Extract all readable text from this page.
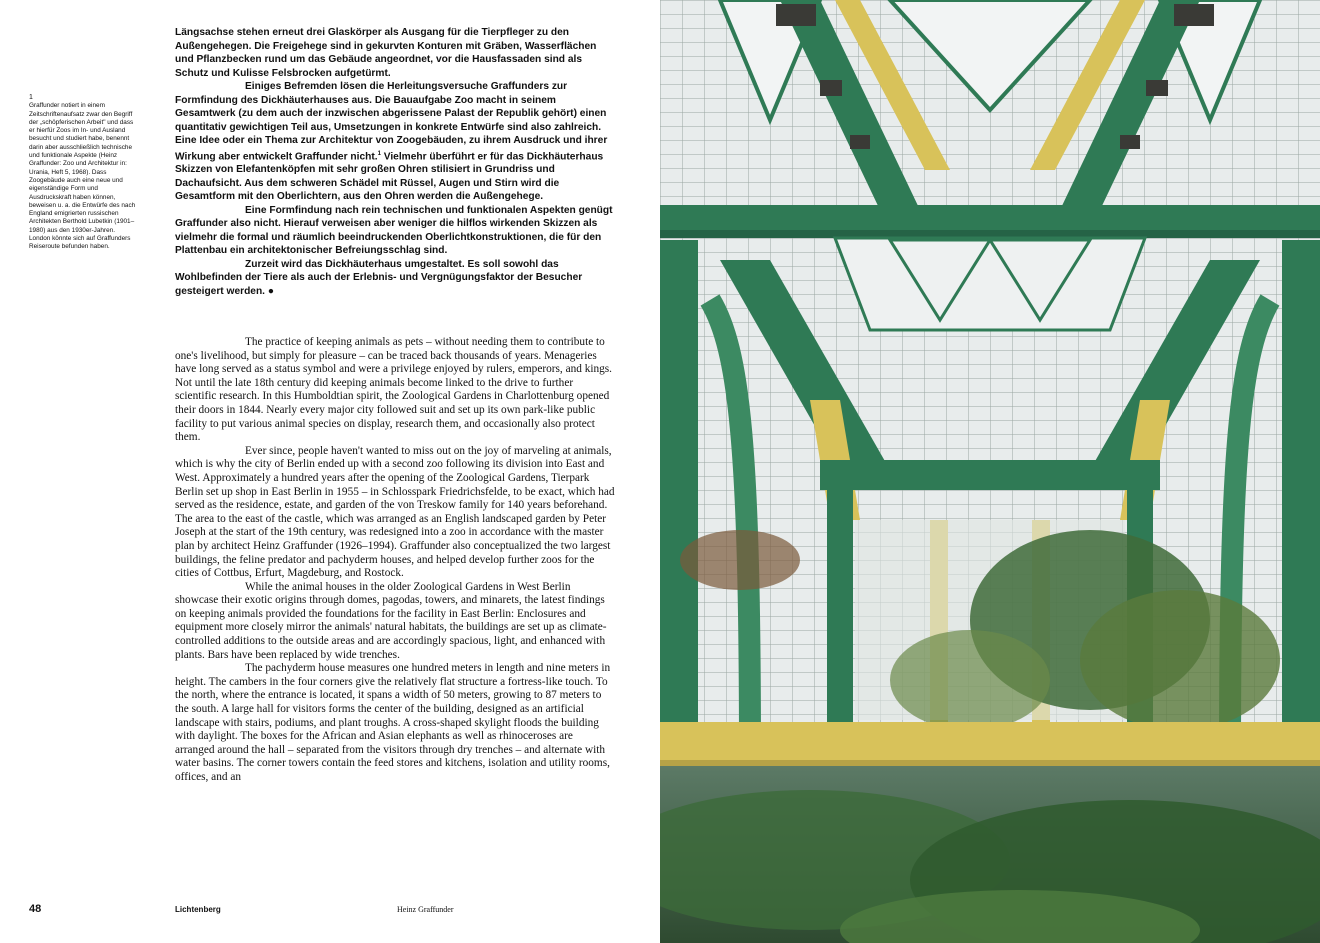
1
Graffunder notiert in einem Zeitschriftenaufsatz zwar den Begriff der „schöpferischen Arbeit" und dass er hierfür Zoos im In- und Ausland besucht und studiert habe, benennt darin aber ausschließlich technische und funktionale Aspekte (Heinz Graffunder: Zoo und Architektur in: Urania, Heft 5, 1968). Dass Zoogebäude auch eine neue und eigenständige Form und Ausdruckskraft haben können, beweisen u. a. die Entwürfe des nach England emigrierten russischen Architekten Berthold Lubetkin (1901–1980) aus den 1930er-Jahren. London könnte sich auf Graffunders Reiseroute befunden haben.

Längsachse stehen erneut drei Glaskörper als Ausgang für die Tierpfleger zu den Außengehegen. Die Freigehege sind in gekurvten Konturen mit Gräben, Wasserflächen und Pflanzbecken rund um das Gebäude angeordnet, vor die Hausfassaden sind als Schutz und Kulisse Felsbrocken aufgetürmt.

Einiges Befremden lösen die Herleitungsversuche Graffunders zur Formfindung des Dickhäuterhauses aus. Die Bauaufgabe Zoo macht in seinem Gesamtwerk (zu dem auch der inzwischen abgerissene Palast der Republik gehört) einen quantitativ gewichtigen Teil aus, Umsetzungen in konkrete Entwürfe sind also zahlreich. Eine Idee oder ein Thema zur Architektur von Zoogebäuden, zu ihrem Ausdruck und ihrer Wirkung aber entwickelt Graffunder nicht.$^1$ Vielmehr überführt er für das Dickhäuterhaus Skizzen von Elefantenköpfen mit sehr großen Ohren stilisiert in Grundriss und Dachaufsicht. Aus dem schweren Schädel mit Rüssel, Augen und Stirn wird die Gesamtform mit den Oberlichtern, aus den Ohren werden die Außengehege.

Eine Formfindung nach rein technischen und funktionalen Aspekten genügt Graffunder also nicht. Hierauf verweisen aber weniger die hilflos wirkenden Skizzen als vielmehr die formal und räumlich beeindruckenden Oberlichtkonstruktionen, die für den Plattenbau ein architektonischer Befreiungsschlag sind.

Zurzeit wird das Dickhäuterhaus umgestaltet. Es soll sowohl das Wohlbefinden der Tiere als auch der Erlebnis- und Vergnügungsfaktor der Besucher gesteigert werden. ●

The practice of keeping animals as pets – without needing them to contribute to one's livelihood, but simply for pleasure – can be traced back thousands of years. Menageries have long served as a status symbol and were a privilege enjoyed by rulers, emperors, and kings. Not until the late 18th century did keeping animals become linked to the drive to further scientific research. In this Humboldtian spirit, the Zoological Gardens in Charlottenburg opened their doors in 1844. Nearly every major city followed suit and set up its own park-like public facility to put various animal species on display, research them, and occasionally also protect them.

Ever since, people haven't wanted to miss out on the joy of marveling at animals, which is why the city of Berlin ended up with a second zoo following its division into East and West. Approximately a hundred years after the opening of the Zoological Gardens, Tierpark Berlin set up shop in East Berlin in 1955 – in Schlosspark Friedrichsfelde, to be exact, which had served as the residence, estate, and garden of the von Treskow family for 140 years beforehand. The area to the east of the castle, which was arranged as an English landscaped garden by Peter Joseph at the start of the 19th century, was redesigned into a zoo in accordance with the master plan by architect Heinz Graffunder (1926–1994). Graffunder also conceptualized the two largest buildings, the feline predator and pachyderm houses, and helped develop further zoos for the cities of Cottbus, Erfurt, Magdeburg, and Rostock.

While the animal houses in the older Zoological Gardens in West Berlin showcase their exotic origins through domes, pagodas, towers, and minarets, the latest findings on keeping animals provided the foundations for the facility in East Berlin: Enclosures and equipment more closely mirror the animals' natural habitats, the buildings are set up as climate-controlled additions to the outside areas and are accordingly spacious, light, and enhanced with plants. Bars have been replaced by wide trenches.

The pachyderm house measures one hundred meters in length and nine meters in height. The cambers in the four corners give the relatively flat structure a fortress-like touch. To the north, where the entrance is located, it spans a width of 50 meters, growing to 87 meters to the south. A large hall for visitors forms the center of the building, designed as an artificial landscape with stairs, podiums, and plant troughs. A cross-shaped skylight floods the building with daylight. The boxes for the African and Asian elephants as well as rhinoceroses are arranged around the hall – separated from the visitors through dry trenches – and alternate with water basins. The corner towers contain the feed stores and kitchens, isolation and utility rooms, offices, and an

48	Lichtenberg	Heinz Graffunder
